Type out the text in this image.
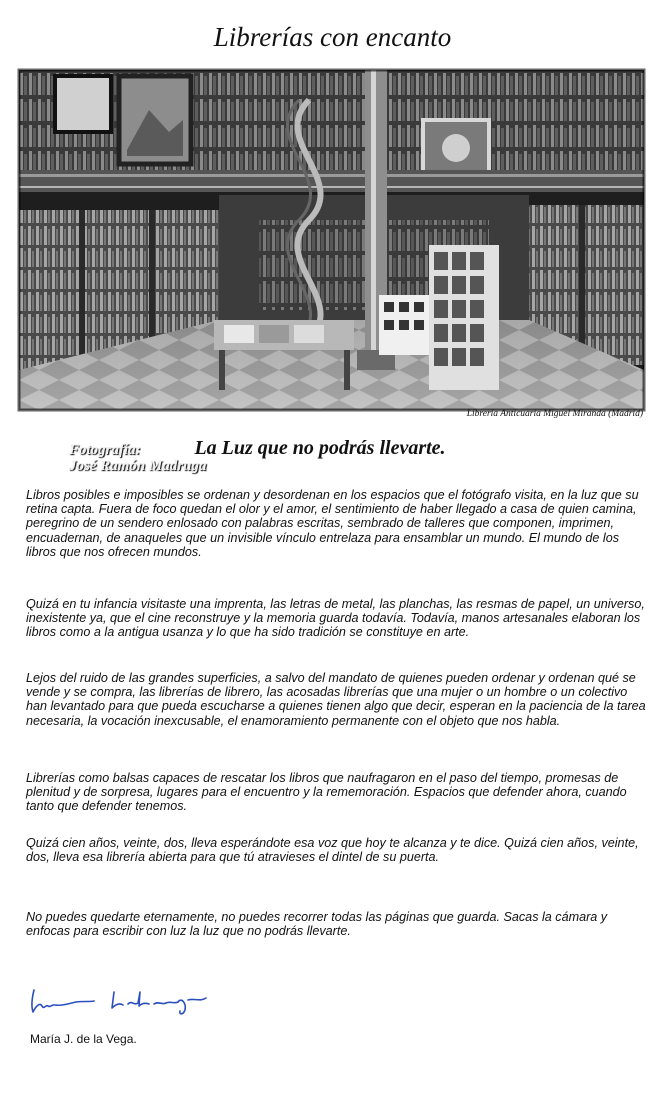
Librerías con encanto
Fotografía:
José Ramón Madruga
Librería Anticuaria Miguel Miranda (Madrid)
La Luz que no podrás llevarte.

Libros posibles e imposibles se ordenan y desordenan en los espacios que el fotógrafo visita, en la luz que su retina capta. Fuera de foco quedan el olor y el amor, el sentimiento de haber llegado a casa de quien camina, peregrino de un sendero enlosado con palabras escritas, sembrado de talleres que componen, imprimen, encuadernan, de anaqueles que un invisible vínculo entrelaza para ensamblar un mundo. El mundo de los libros que nos ofrecen mundos.

Quizá en tu infancia visitaste una imprenta, las letras de metal, las planchas, las resmas de papel, un universo, inexistente ya, que el cine reconstruye y la memoria guarda todavía. Todavía, manos artesanales elaboran los libros como a la antigua usanza y lo que ha sido tradición se constituye en arte.

Lejos del ruido de las grandes superficies, a salvo del mandato de quienes pueden ordenar y ordenan qué se vende y se compra, las librerías de librero, las acosadas librerías que una mujer o un hombre o un colectivo han levantado para que pueda escucharse a quienes tienen algo que decir, esperan en la paciencia de la tarea necesaria, la vocación inexcusable, el enamoramiento permanente con el objeto que nos habla.

Librerías como balsas capaces de rescatar los libros que naufragaron en el paso del tiempo, promesas de plenitud y de sorpresa, lugares para el encuentro y la rememoración. Espacios que defender ahora, cuando tanto que defender tenemos.

Quizá cien años, veinte, dos, lleva esperándote esa voz que hoy te alcanza y te dice. Quizá cien años, veinte, dos, lleva esa librería abierta para que tú atravieses el dintel de su puerta.

No puedes quedarte eternamente, no puedes recorrer todas las páginas que guarda. Sacas la cámara y enfocas para escribir con luz la luz que no podrás llevarte.

María J. de la Vega.
